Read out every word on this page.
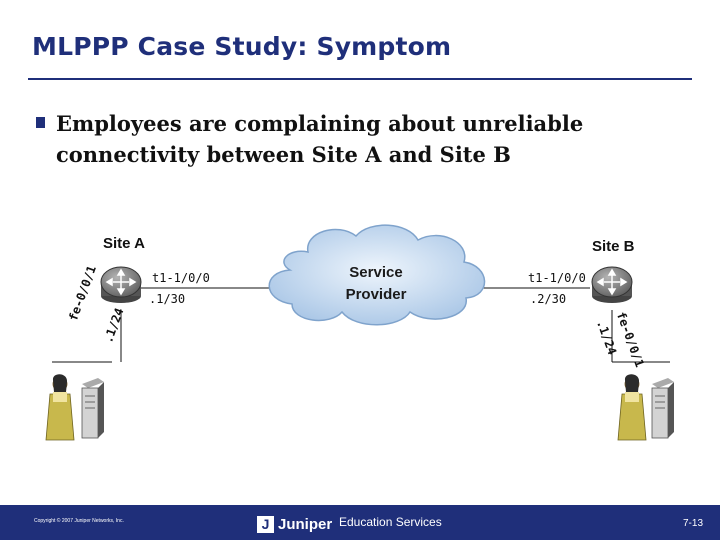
MLPPP Case Study: Symptom
Employees are complaining about unreliable connectivity between Site A and Site B
Site A	Site B
t1-1/0/0
.1/30
t1-1/0/0
.2/30
Service
Provider
fe-0/0/1
.1/24	fe-0/0/1
.1/24
Copyright © 2007 Juniper Networks, Inc.	J Juniper Education Services	7-13
